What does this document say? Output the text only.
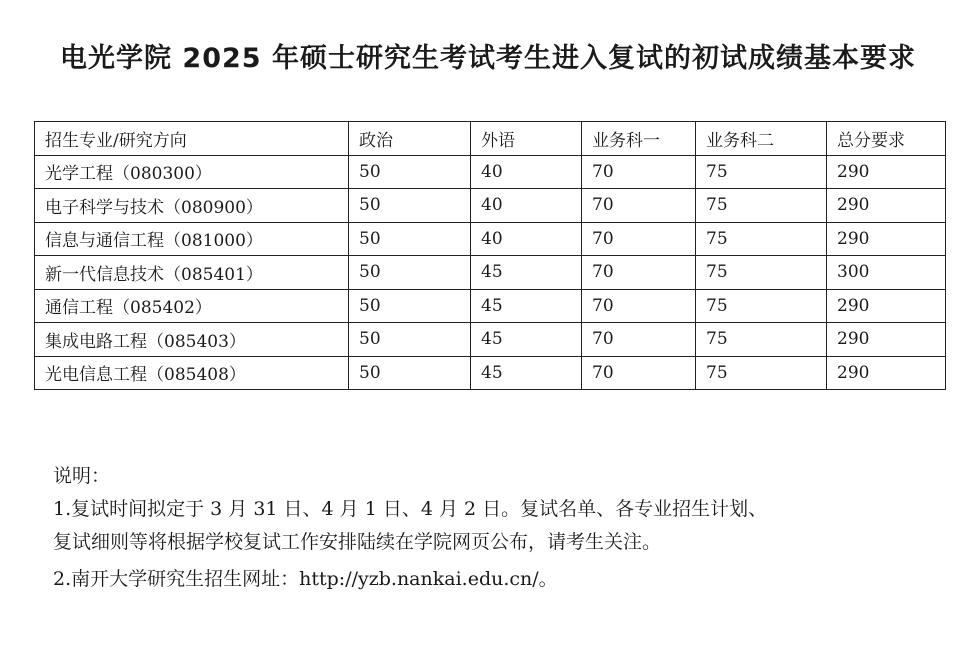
电光学院 2025 年硕士研究生考试考生进入复试的初试成绩基本要求
招生专业/研究方向	政治	外语	业务科一	业务科二	总分要求
光学工程（080300）	50	40	70	75	290
电子科学与技术（080900）	50	40	70	75	290
信息与通信工程（081000）	50	40	70	75	290
新一代信息技术（085401）	50	45	70	75	300
通信工程（085402）	50	45	70	75	290
集成电路工程（085403）	50	45	70	75	290
光电信息工程（085408）	50	45	70	75	290

说明：

1.复试时间拟定于 3 月 31 日、4 月 1 日、4 月 2 日。复试名单、各专业招生计划、

复试细则等将根据学校复试工作安排陆续在学院网页公布，请考生关注。

2.南开大学研究生招生网址：http://yzb.nankai.edu.cn/。
